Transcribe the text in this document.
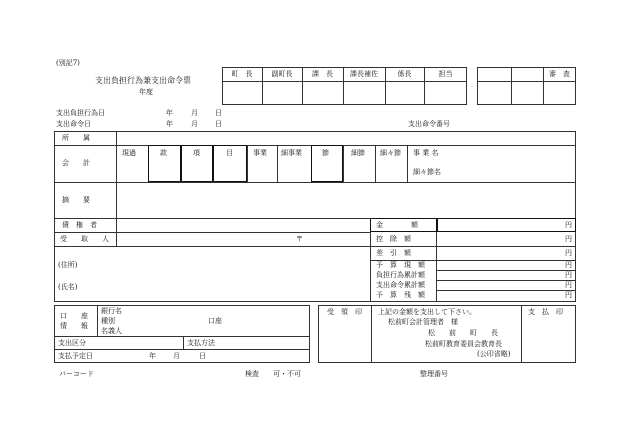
(別記7)
支出負担行為兼支出命令票
年度
町　長	副町長	課　長	課長補佐	係長	担当	審　査
支出負担行為日	年	月 日
支出命令日	年	月 日	支出命令番号
所　　属
会　　計
現過	款	項	目	事業 細事業	節	細節 細々節 事 業 名
細々節名
摘　　要
債　権　者
受　　取　　人	〒
(住所)
(氏名)
金　　　　額	円
控　除　額	円
差　引　額	円
予　算　現　額	円
負担行為累計額	円
支出命令累計額	円
予　算　残　額	円
口　　座
情　　報
銀行名
種別
名義人
口座
支出区分	支払方法
支払予定日	年 月	日
受　領　印 上記の金額を支出して下さい。
松前町会計管理者　様
松　　前　　町　　長
松前町教育委員会教育長
(公印省略)
支　払　印
バーコード	検査 可・不可	整理番号
